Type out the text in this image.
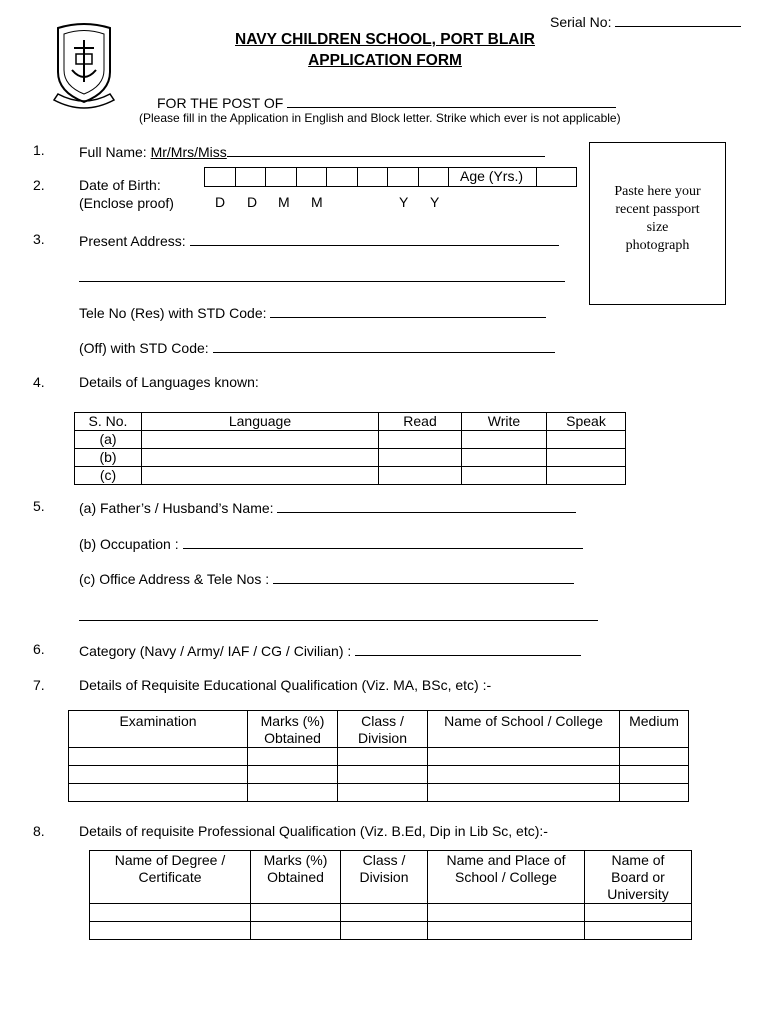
Serial No:
NAVY CHILDREN SCHOOL, PORT BLAIR
APPLICATION FORM
FOR THE POST OF
(Please fill in the Application in English and Block letter. Strike which ever is not applicable)
Paste here your
recent passport
size
photograph
1. Full Name: Mr/Mrs/Miss
2. Date of Birth:
(Enclose proof)
Age (Yrs.)
D D M M	Y Y
3. Present Address:
Tele No (Res) with STD Code:
(Off) with STD Code:
4. Details of Languages known:
S. No.	Language	Read	Write	Speak
(a)				
(b)				
(c)				
5. (a) Father’s / Husband’s Name:
(b) Occupation :
(c) Office Address & Tele Nos :
6. Category (Navy / Army/ IAF / CG / Civilian) :
7. Details of Requisite Educational Qualification (Viz. MA, BSc, etc) :-
Examination	Marks (%) Obtained	Class / Division	Name of School / College	Medium

8. Details of requisite Professional Qualification (Viz. B.Ed, Dip in Lib Sc, etc):-
Name of Degree / Certificate	Marks (%) Obtained	Class / Division	Name and Place of School / College	Name of Board or University
